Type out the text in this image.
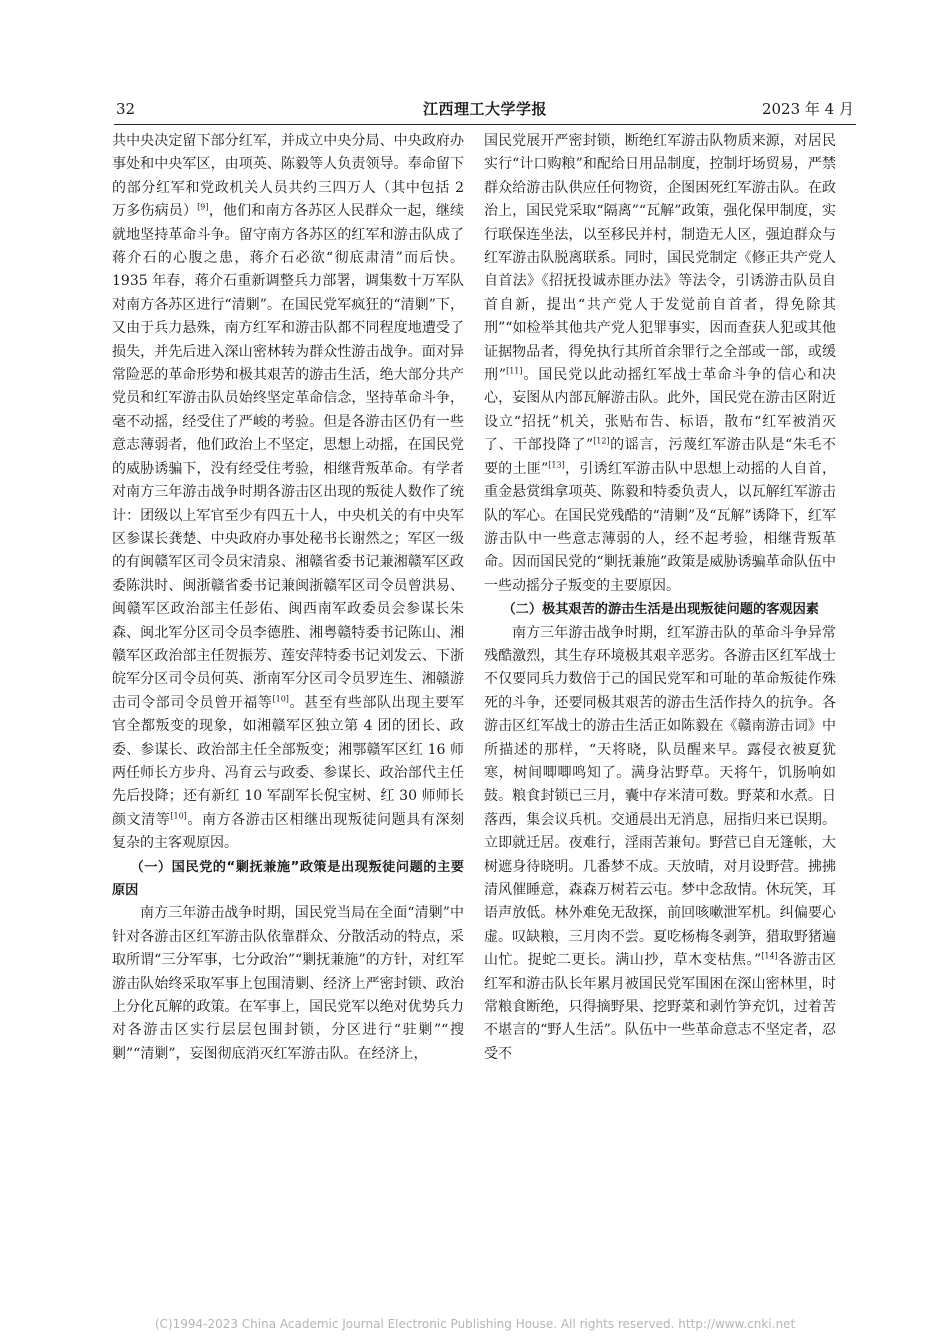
32	江西理工大学学报	2023 年 4 月

共中央决定留下部分红军，并成立中央分局、中央政府办事处和中央军区，由项英、陈毅等人负责领导。奉命留下的部分红军和党政机关人员共约三四万人（其中包括 2 万多伤病员）[9]，他们和南方各苏区人民群众一起，继续就地坚持革命斗争。留守南方各苏区的红军和游击队成了蒋介石的心腹之患，蒋介石必欲“彻底肃清”而后快。1935 年春，蒋介石重新调整兵力部署，调集数十万军队对南方各苏区进行“清剿”。在国民党军疯狂的“清剿”下，又由于兵力悬殊，南方红军和游击队都不同程度地遭受了损失，并先后进入深山密林转为群众性游击战争。面对异常险恶的革命形势和极其艰苦的游击生活，绝大部分共产党员和红军游击队员始终坚定革命信念，坚持革命斗争，毫不动摇，经受住了严峻的考验。但是各游击区仍有一些意志薄弱者，他们政治上不坚定，思想上动摇，在国民党的威胁诱骗下，没有经受住考验，相继背叛革命。有学者对南方三年游击战争时期各游击区出现的叛徒人数作了统计：团级以上军官至少有四五十人，中央机关的有中央军区参谋长龚楚、中央政府办事处秘书长谢然之；军区一级的有闽赣军区司令员宋清泉、湘赣省委书记兼湘赣军区政委陈洪时、闽浙赣省委书记兼闽浙赣军区司令员曾洪易、闽赣军区政治部主任彭佑、闽西南军政委员会参谋长朱森、闽北军分区司令员李德胜、湘粤赣特委书记陈山、湘赣军区政治部主任贺振芳、莲安萍特委书记刘发云、下浙皖军分区司令员何英、浙南军分区司令员罗连生、湘赣游击司令部司令员曾开福等[10]。甚至有些部队出现主要军官全都叛变的现象，如湘赣军区独立第 4 团的团长、政委、参谋长、政治部主任全部叛变；湘鄂赣军区红 16 师两任师长方步舟、冯育云与政委、参谋长、政治部代主任先后投降；还有新红 10 军副军长倪宝树、红 30 师师长颜文清等[10]。南方各游击区相继出现叛徒问题具有深刻复杂的主客观原因。

（一）国民党的“剿抚兼施”政策是出现叛徒问题的主要原因

南方三年游击战争时期，国民党当局在全面“清剿”中针对各游击区红军游击队依靠群众、分散活动的特点，采取所谓“三分军事，七分政治”“剿抚兼施”的方针，对红军游击队始终采取军事上包围清剿、经济上严密封锁、政治上分化瓦解的政策。在军事上，国民党军以绝对优势兵力对各游击区实行层层包围封锁，分区进行“驻剿”“搜剿”“清剿”，妄图彻底消灭红军游击队。在经济上，

国民党展开严密封锁，断绝红军游击队物质来源，对居民实行“计口购粮”和配给日用品制度，控制圩场贸易，严禁群众给游击队供应任何物资，企图困死红军游击队。在政治上，国民党采取“隔离”“瓦解”政策，强化保甲制度，实行联保连坐法，以至移民并村，制造无人区，强迫群众与红军游击队脱离联系。同时，国民党制定《修正共产党人自首法》《招抚投诚赤匪办法》等法令，引诱游击队员自首自新，提出“共产党人于发觉前自首者，得免除其刑”“如检举其他共产党人犯罪事实，因而查获人犯或其他证据物品者，得免执行其所首余罪行之全部或一部，或缓刑”[11]。国民党以此动摇红军战士革命斗争的信心和决心，妄图从内部瓦解游击队。此外，国民党在游击区附近设立“招抚”机关，张贴布告、标语，散布“红军被消灭了、干部投降了”[12]的谣言，污蔑红军游击队是“朱毛不要的土匪”[13]，引诱红军游击队中思想上动摇的人自首，重金悬赏缉拿项英、陈毅和特委负责人，以瓦解红军游击队的军心。在国民党残酷的“清剿”及“瓦解”诱降下，红军游击队中一些意志薄弱的人，经不起考验，相继背叛革命。因而国民党的“剿抚兼施”政策是威胁诱骗革命队伍中一些动摇分子叛变的主要原因。

（二）极其艰苦的游击生活是出现叛徒问题的客观因素

南方三年游击战争时期，红军游击队的革命斗争异常残酷激烈，其生存环境极其艰辛恶劣。各游击区红军战士不仅要同兵力数倍于己的国民党军和可耻的革命叛徒作殊死的斗争，还要同极其艰苦的游击生活作持久的抗争。各游击区红军战士的游击生活正如陈毅在《赣南游击词》中所描述的那样，“天将晓，队员醒来早。露侵衣被夏犹寒，树间唧唧鸣知了。满身沾野草。天将午，饥肠响如鼓。粮食封锁已三月，囊中存米清可数。野菜和水煮。日落西，集会议兵机。交通晨出无消息，屈指归来已误期。立即就迁居。夜难行，淫雨苦兼旬。野营已自无篷帐，大树遮身待晓明。几番梦不成。天放晴，对月设野营。拂拂清风催睡意，森森万树若云屯。梦中念敌情。休玩笑，耳语声放低。林外难免无敌探，前回咳嗽泄军机。纠偏要心虚。叹缺粮，三月肉不尝。夏吃杨梅冬剥笋，猎取野猪遍山忙。捉蛇二更长。满山抄，草木变枯焦。”[14]各游击区红军和游击队长年累月被国民党军围困在深山密林里，时常粮食断绝，只得摘野果、挖野菜和剥竹笋充饥，过着苦不堪言的“野人生活”。队伍中一些革命意志不坚定者，忍受不

(C)1994-2023 China Academic Journal Electronic Publishing House. All rights reserved. http://www.cnki.net
